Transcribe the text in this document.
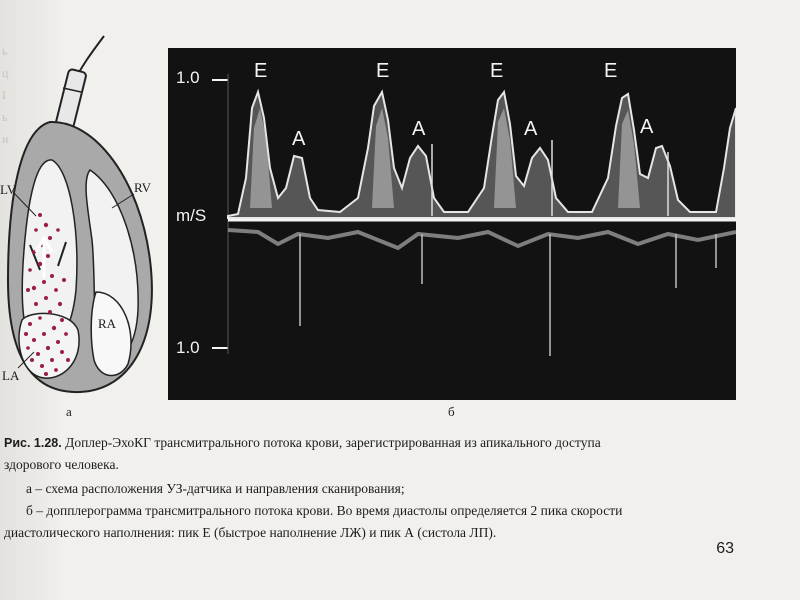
ь
ц
I
ь
и
LV	RV
RA
LA
а
1.0
m/S
1.0
E
A
E
A
E
A
E
A
б
Рис. 1.28. Доплер-ЭхоКГ трансмитрального потока крови, зарегистрированная из апикального доступа
здорового человека.
а – схема расположения УЗ-датчика и направления сканирования;
б – допплерограмма трансмитрального потока крови. Во время диастолы определяется 2 пика скорости
диастолического наполнения: пик Е (быстрое наполнение ЛЖ) и пик А (систола ЛП).
63
